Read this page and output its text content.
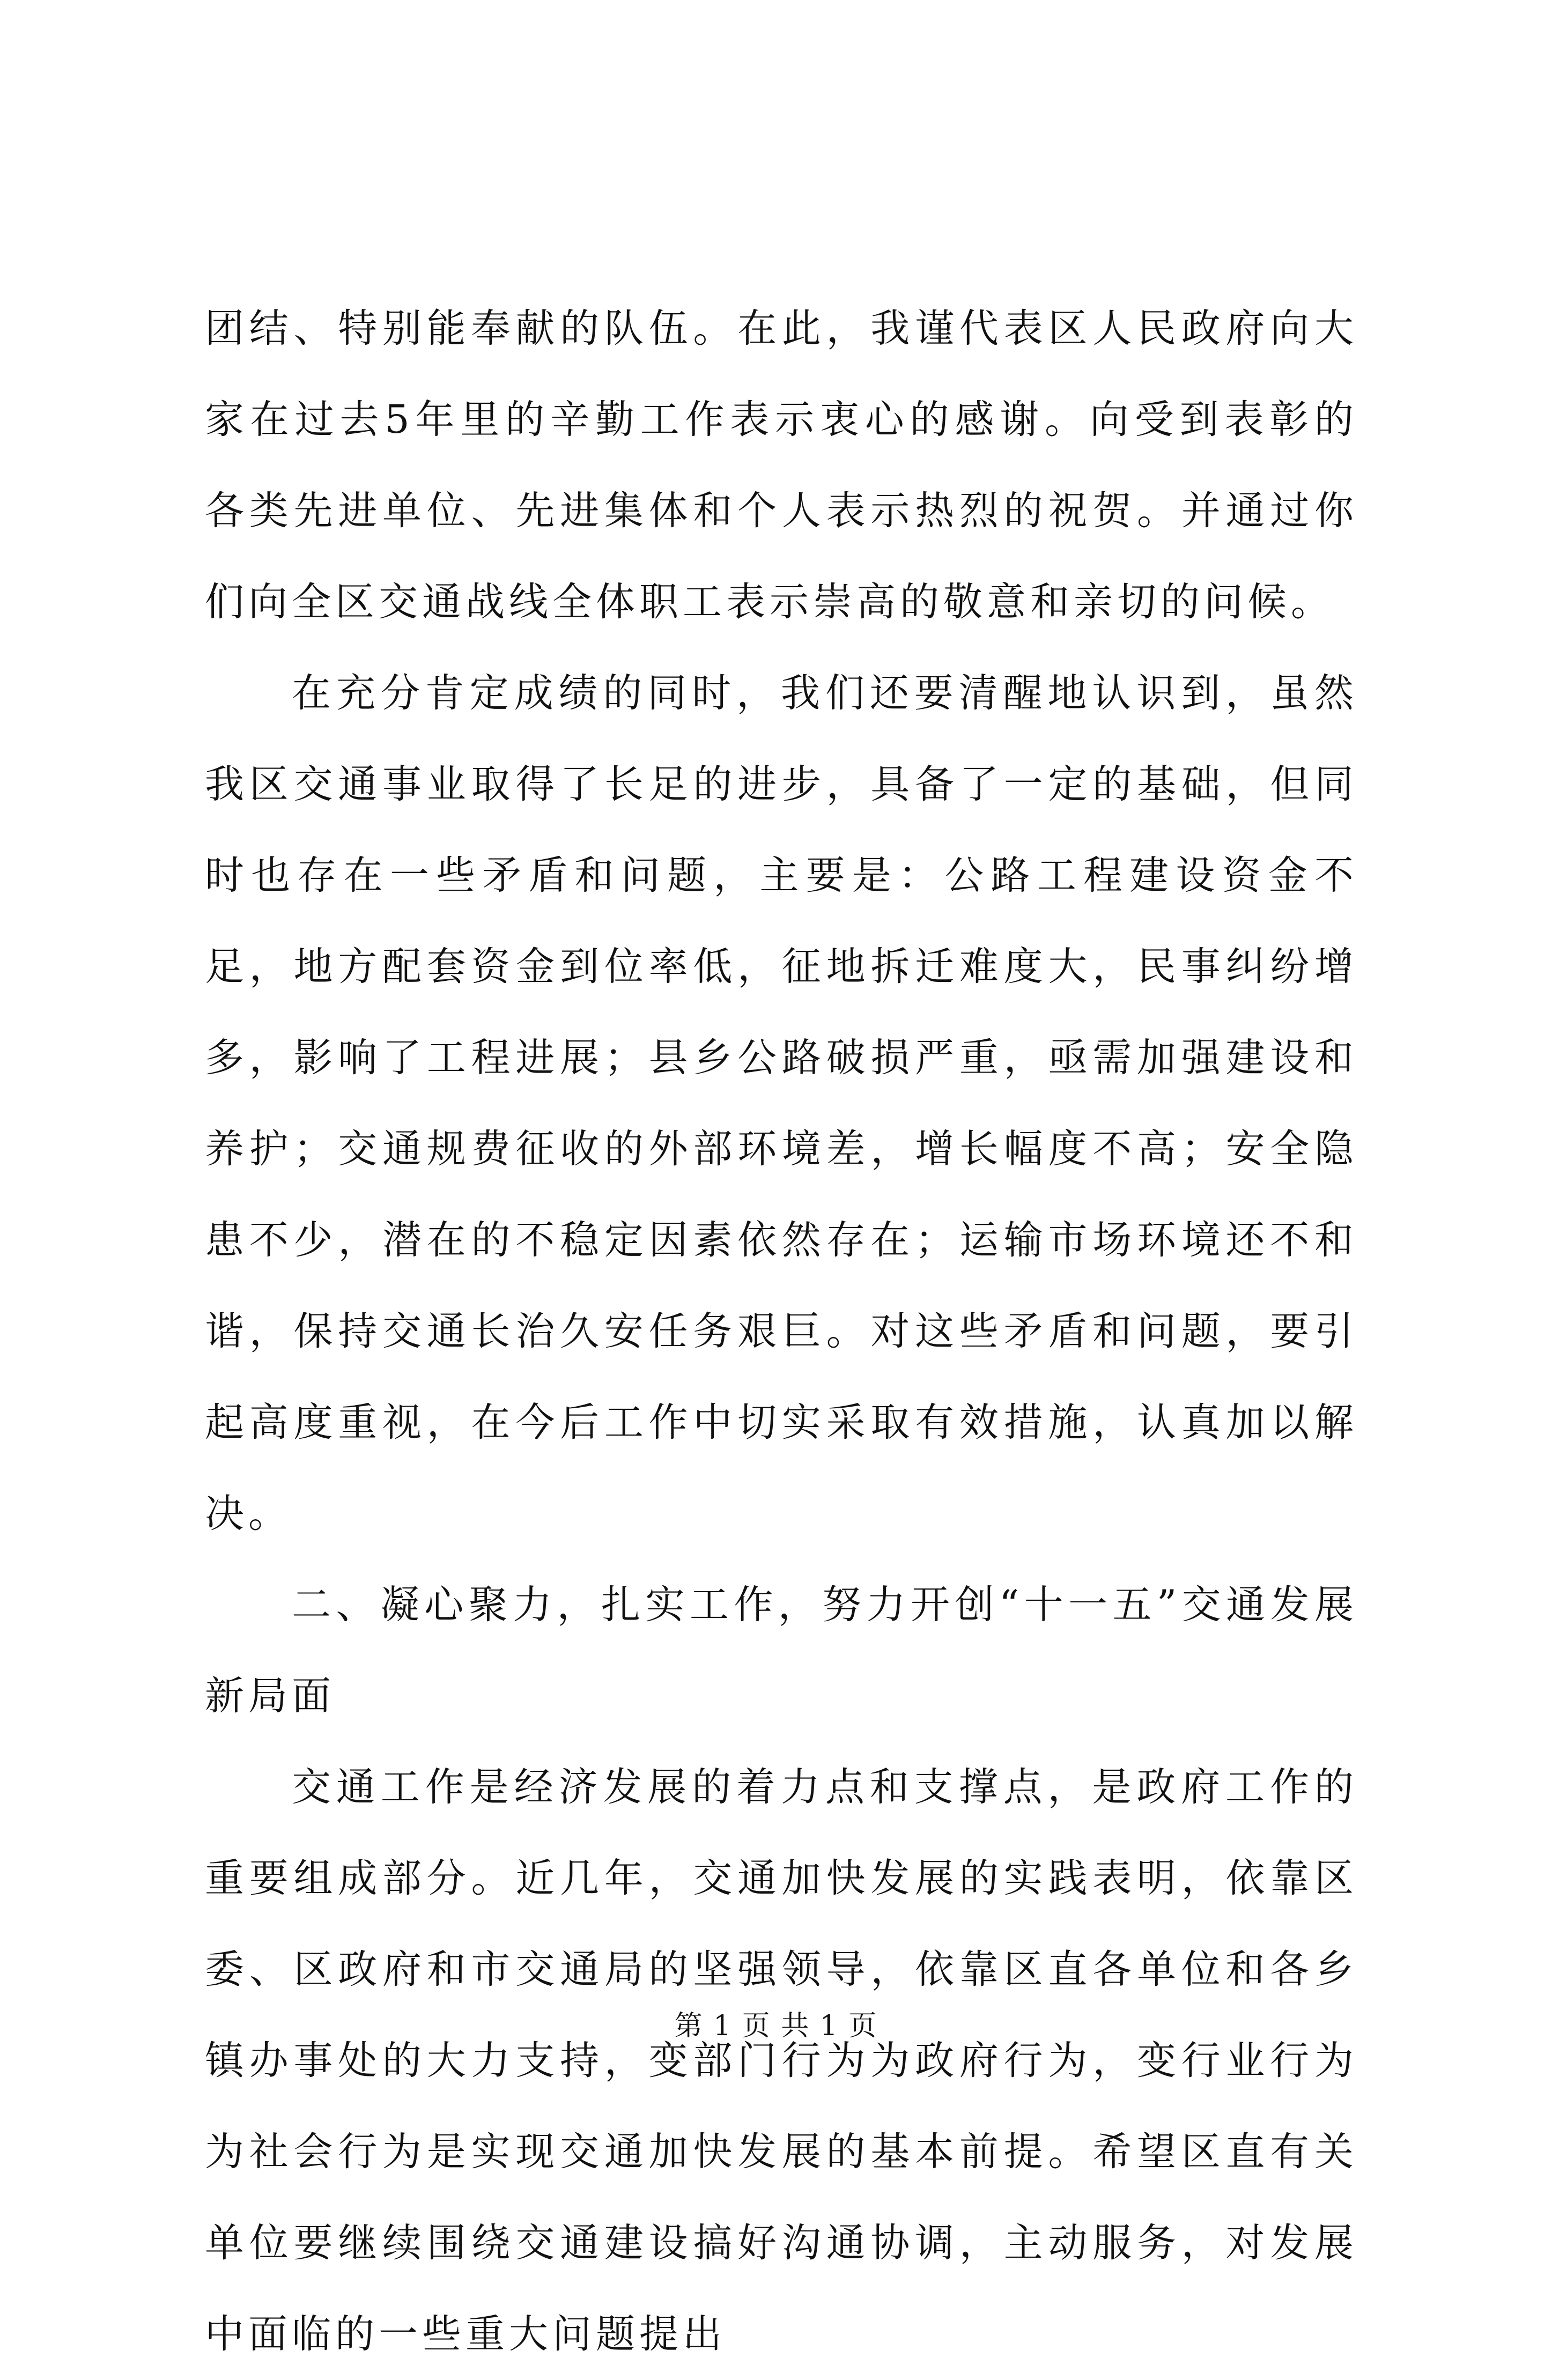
团结、特别能奉献的队伍。在此，我谨代表区人民政府向大家在过去5年里的辛勤工作表示衷心的感谢。向受到表彰的各类先进单位、先进集体和个人表示热烈的祝贺。并通过你们向全区交通战线全体职工表示崇高的敬意和亲切的问候。

在充分肯定成绩的同时，我们还要清醒地认识到，虽然我区交通事业取得了长足的进步，具备了一定的基础，但同时也存在一些矛盾和问题，主要是：公路工程建设资金不足，地方配套资金到位率低，征地拆迁难度大，民事纠纷增多，影响了工程进展；县乡公路破损严重，亟需加强建设和养护；交通规费征收的外部环境差，增长幅度不高；安全隐患不少，潜在的不稳定因素依然存在；运输市场环境还不和谐，保持交通长治久安任务艰巨。对这些矛盾和问题，要引起高度重视，在今后工作中切实采取有效措施，认真加以解决。

二、凝心聚力，扎实工作，努力开创“十一五”交通发展新局面

交通工作是经济发展的着力点和支撑点，是政府工作的重要组成部分。近几年，交通加快发展的实践表明，依靠区委、区政府和市交通局的坚强领导，依靠区直各单位和各乡镇办事处的大力支持，变部门行为为政府行为，变行业行为为社会行为是实现交通加快发展的基本前提。希望区直有关单位要继续围绕交通建设搞好沟通协调，主动服务，对发展中面临的一些重大问题提出

第 1 页 共 1 页
